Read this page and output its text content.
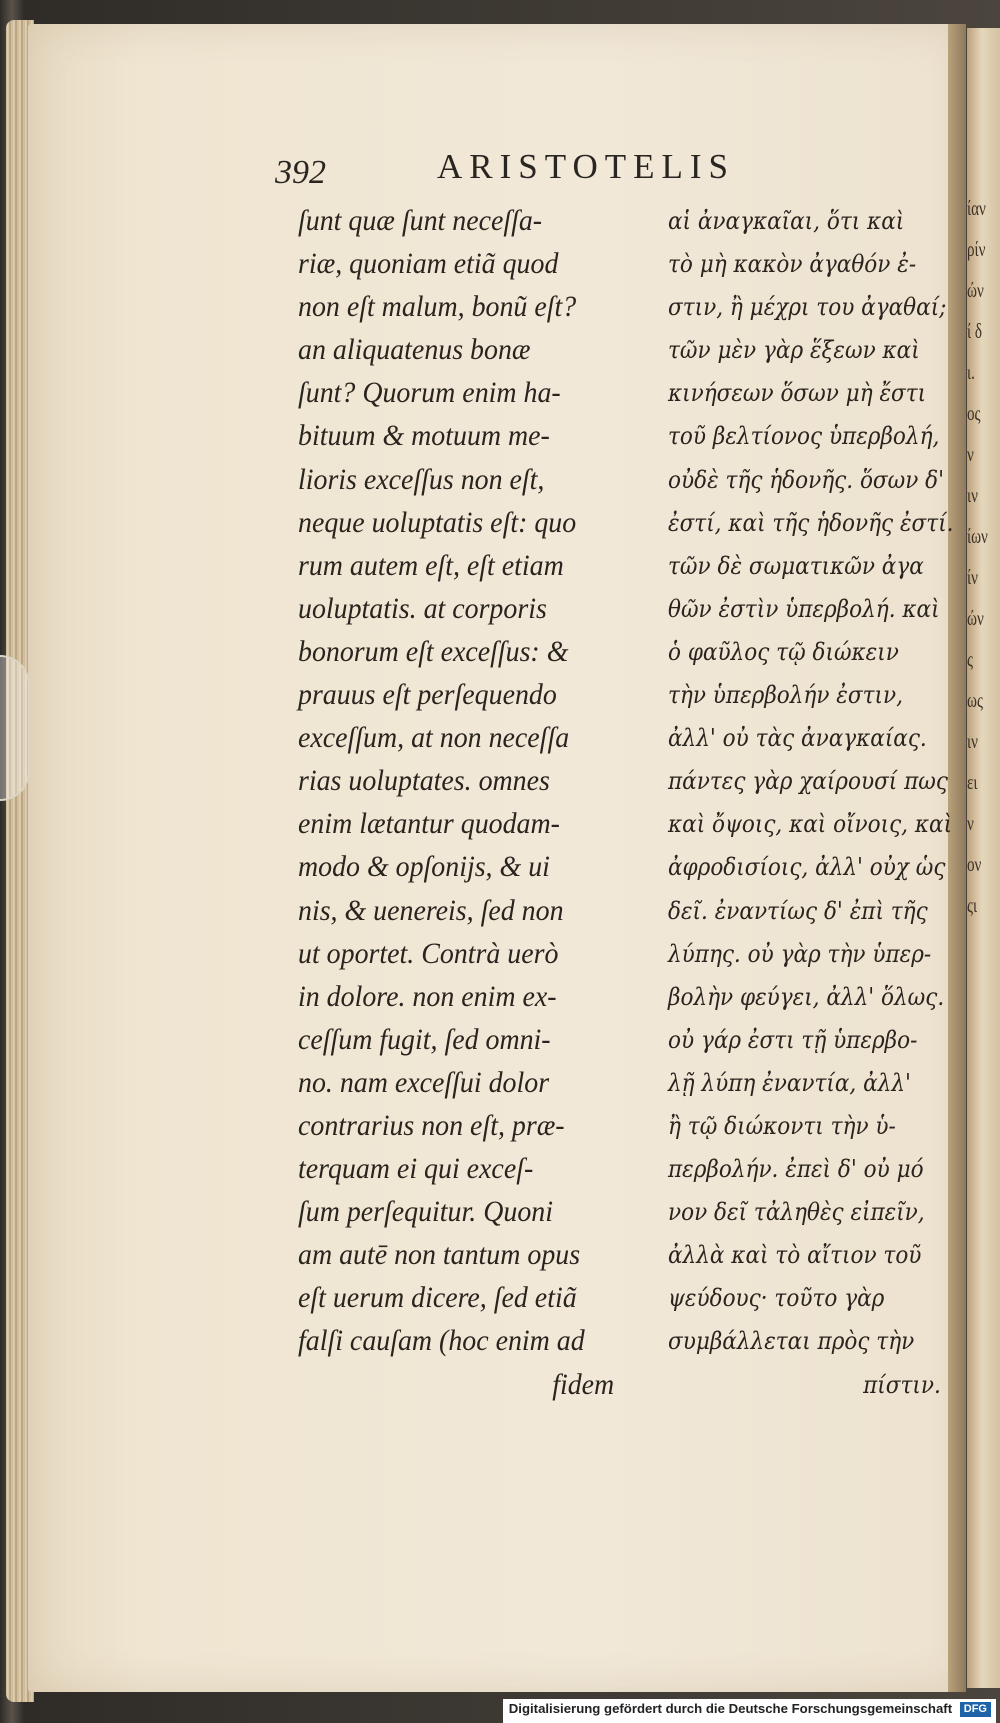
ίαν
ρίν
ών
ί δ
ι.
ος
ν
ιν
ίων
ίν
ών
ς
ως
ιν
ει
ν
ον
ςι
392	ARISTOTELIS
ſunt quæ ſunt neceſſa-
riæ, quoniam etiã quod
non eſt malum, bonũ eſt?
an aliquatenus bonæ
ſunt? Quorum enim ha-
bituum & motuum me-
lioris exceſſus non eſt,
neque uoluptatis eſt: quo
rum autem eſt, eſt etiam
uoluptatis. at corporis
bonorum eſt exceſſus: &
prauus eſt perſequendo
exceſſum, at non neceſſa
rias uoluptates. omnes
enim lætantur quodam-
modo & opſonijs, & ui
nis, & uenereis, ſed non
ut oportet. Contrà uerò
in dolore. non enim ex-
ceſſum fugit, ſed omni-
no. nam exceſſui dolor
contrarius non eſt, præ-
terquam ei qui exceſ-
ſum perſequitur. Quoni
am autē non tantum opus
eſt uerum dicere, ſed etiã
falſi cauſam (hoc enim ad
fidem
αἱ ἀναγκαῖαι, ὅτι καὶ
τὸ μὴ κακὸν ἀγαθόν ἐ-
στιν, ἢ μέχρι του ἀγαθαί;
τῶν μὲν γὰρ ἕξεων καὶ
κινήσεων ὅσων μὴ ἔστι
τοῦ βελτίονος ὑπερβολή,
οὐδὲ τῆς ἡδονῆς. ὅσων δ'
ἐστί, καὶ τῆς ἡδονῆς ἐστί.
τῶν δὲ σωματικῶν ἀγα
θῶν ἐστὶν ὑπερβολή. καὶ
ὁ φαῦλος τῷ διώκειν
τὴν ὑπερβολήν ἐστιν,
ἀλλ' οὐ τὰς ἀναγκαίας.
πάντες γὰρ χαίρουσί πως
καὶ ὄψοις, καὶ οἴνοις, καὶ
ἀφροδισίοις, ἀλλ' οὐχ ὡς
δεῖ. ἐναντίως δ' ἐπὶ τῆς
λύπης. οὐ γὰρ τὴν ὑπερ-
βολὴν φεύγει, ἀλλ' ὅλως.
οὐ γάρ ἐστι τῇ ὑπερβο-
λῇ λύπη ἐναντία, ἀλλ'
ἢ τῷ διώκοντι τὴν ὑ-
περβολήν. ἐπεὶ δ' οὐ μό
νον δεῖ τἀληθὲς εἰπεῖν,
ἀλλὰ καὶ τὸ αἴτιον τοῦ
ψεύδους· τοῦτο γὰρ
συμβάλλεται πρὸς τὴν
πίστιν.
Digitalisierung gefördert durch die Deutsche Forschungsgemeinschaft DFG
